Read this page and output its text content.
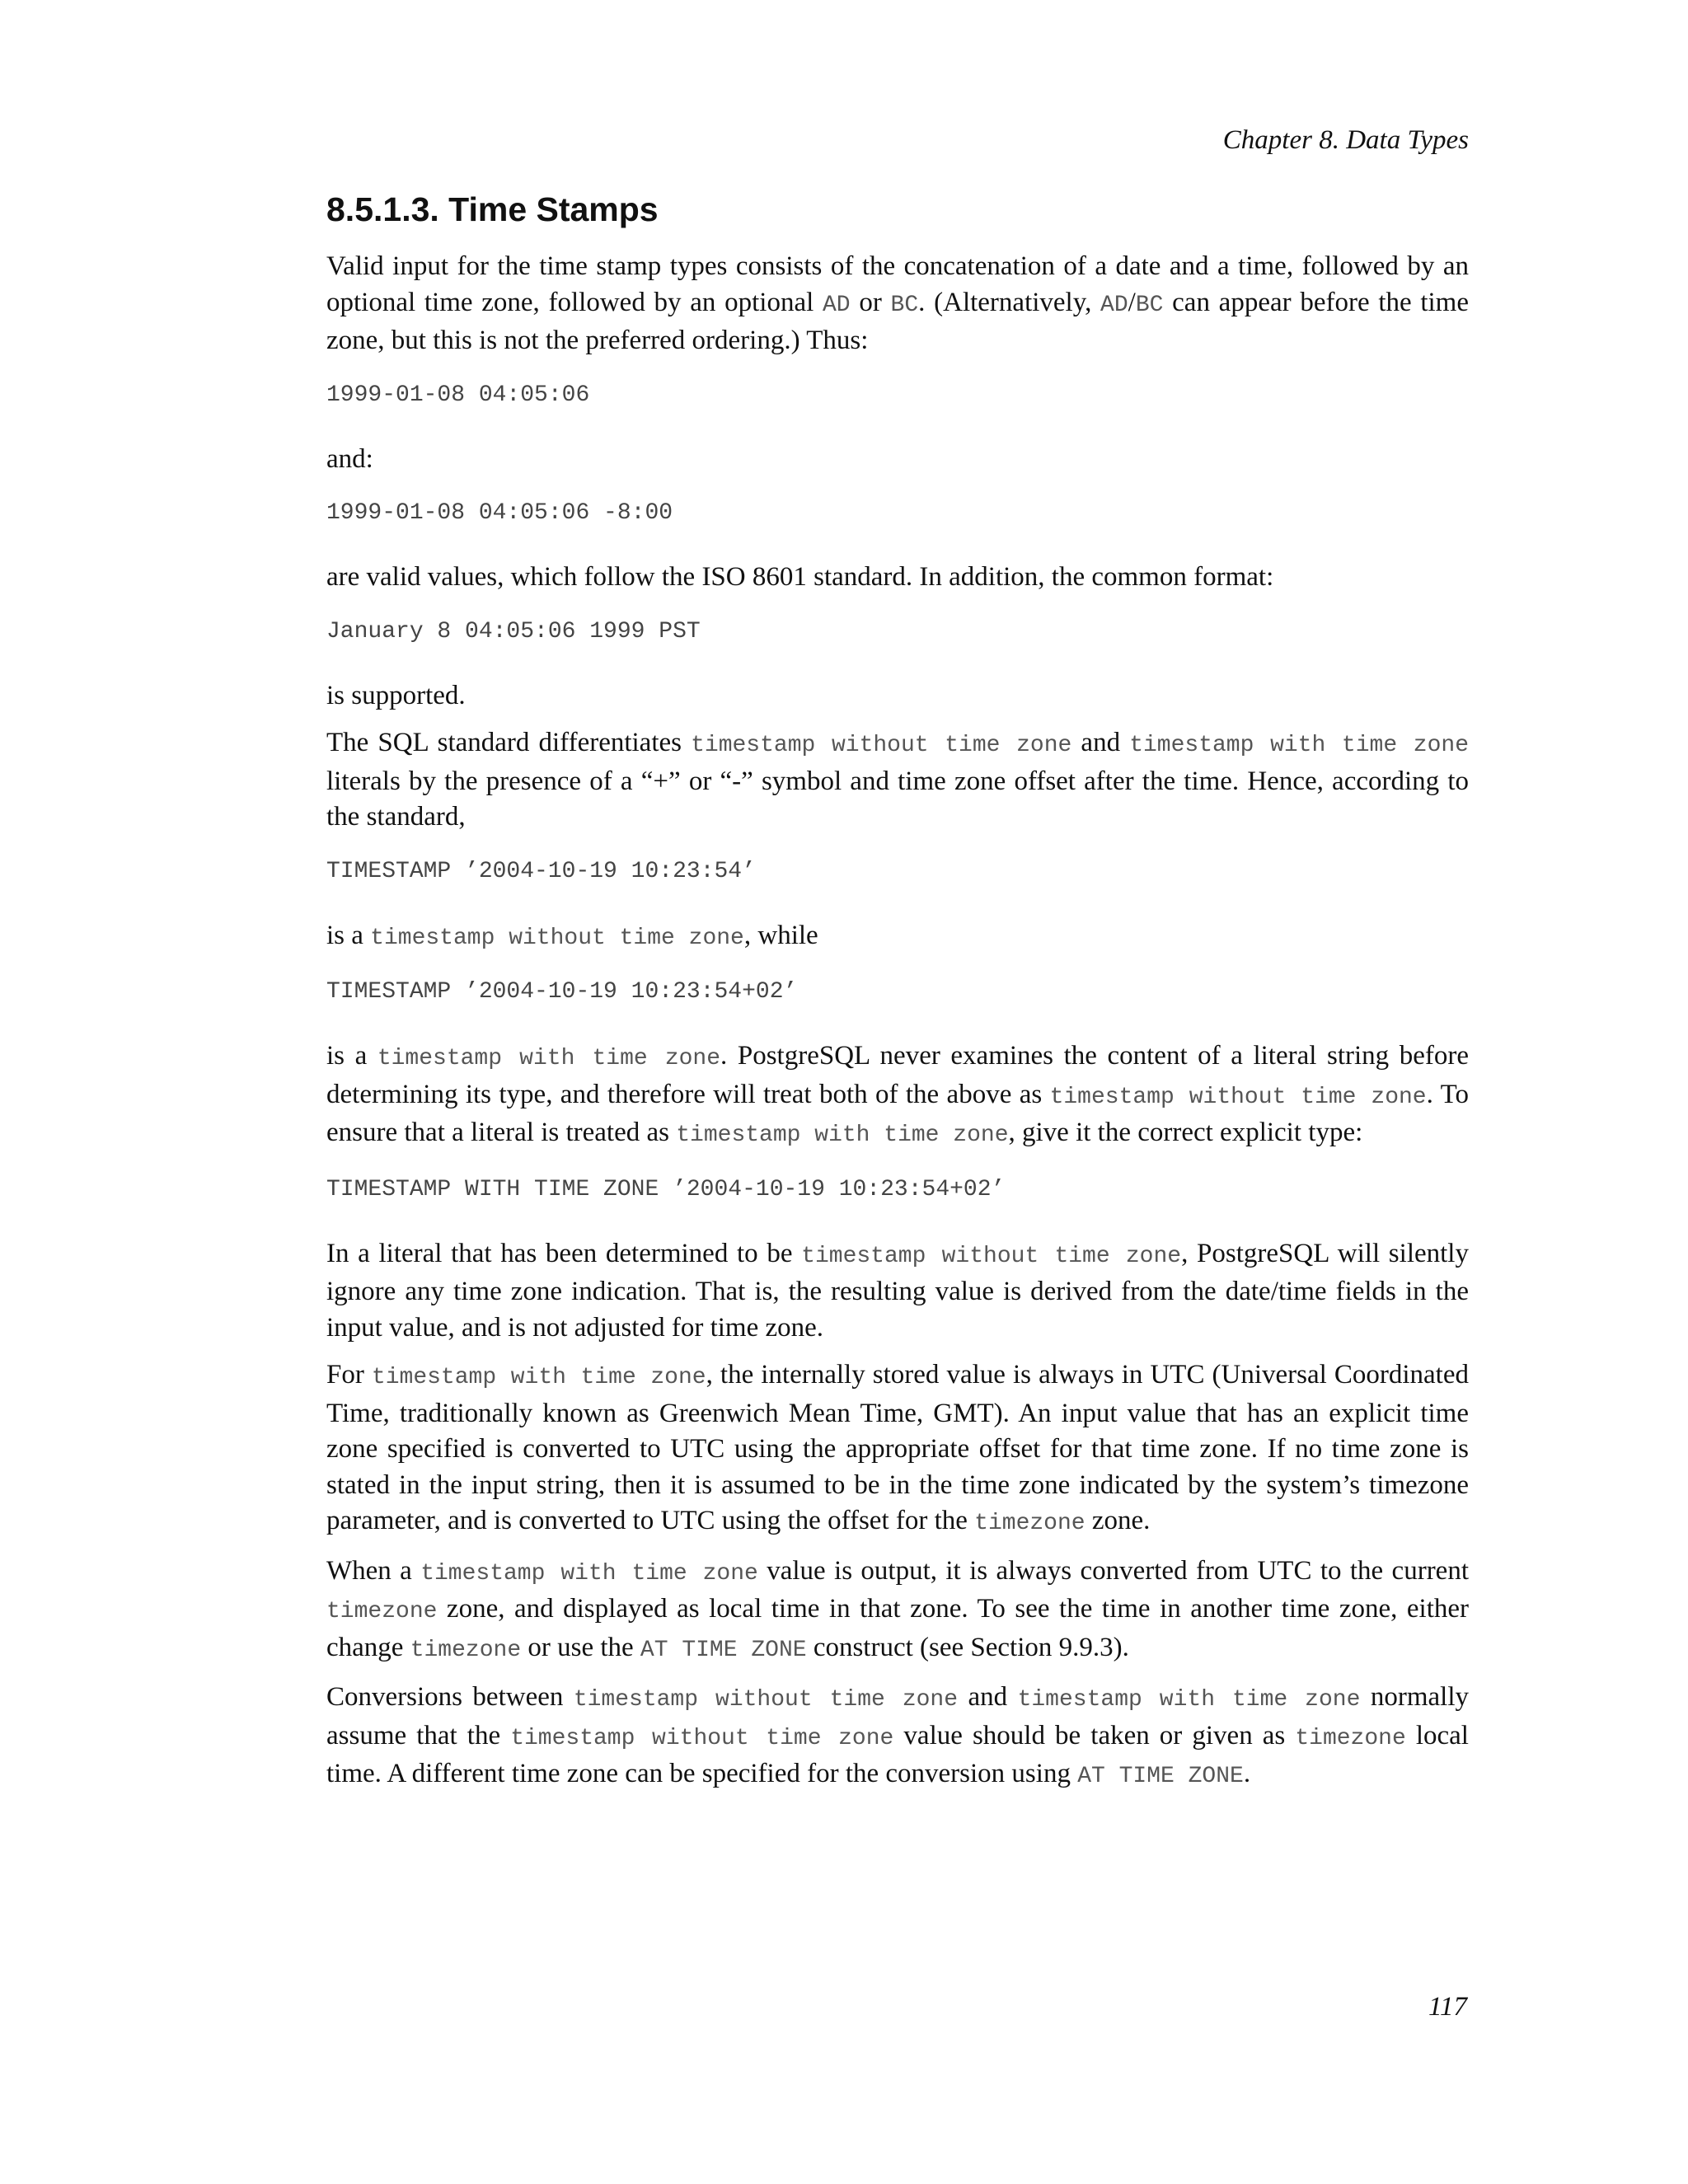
Chapter 8. Data Types
8.5.1.3. Time Stamps

Valid input for the time stamp types consists of the concatenation of a date and a time, followed by an optional time zone, followed by an optional AD or BC. (Alternatively, AD/BC can appear before the time zone, but this is not the preferred ordering.) Thus:

1999-01-08 04:05:06

and:

1999-01-08 04:05:06 -8:00

are valid values, which follow the ISO 8601 standard. In addition, the common format:

January 8 04:05:06 1999 PST

is supported.

The SQL standard differentiates timestamp without time zone and timestamp with time zone literals by the presence of a “+” or “-” symbol and time zone offset after the time. Hence, according to the standard,

TIMESTAMP ’2004-10-19 10:23:54’

is a timestamp without time zone, while

TIMESTAMP ’2004-10-19 10:23:54+02’

is a timestamp with time zone. PostgreSQL never examines the content of a literal string before determining its type, and therefore will treat both of the above as timestamp without time zone. To ensure that a literal is treated as timestamp with time zone, give it the correct explicit type:

TIMESTAMP WITH TIME ZONE ’2004-10-19 10:23:54+02’

In a literal that has been determined to be timestamp without time zone, PostgreSQL will silently ignore any time zone indication. That is, the resulting value is derived from the date/time fields in the input value, and is not adjusted for time zone.

For timestamp with time zone, the internally stored value is always in UTC (Universal Coordinated Time, traditionally known as Greenwich Mean Time, GMT). An input value that has an explicit time zone specified is converted to UTC using the appropriate offset for that time zone. If no time zone is stated in the input string, then it is assumed to be in the time zone indicated by the system’s timezone parameter, and is converted to UTC using the offset for the timezone zone.

When a timestamp with time zone value is output, it is always converted from UTC to the current timezone zone, and displayed as local time in that zone. To see the time in another time zone, either change timezone or use the AT TIME ZONE construct (see Section 9.9.3).

Conversions between timestamp without time zone and timestamp with time zone normally assume that the timestamp without time zone value should be taken or given as timezone local time. A different time zone can be specified for the conversion using AT TIME ZONE.

117
